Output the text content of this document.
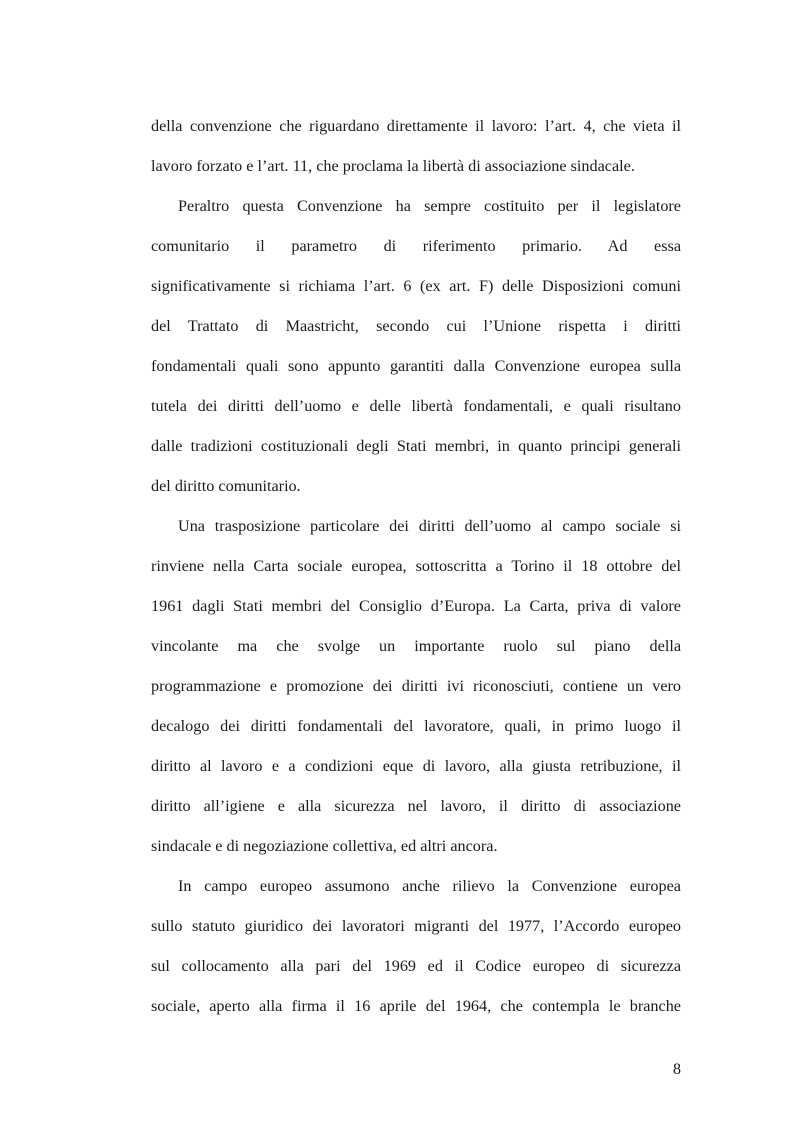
della convenzione che riguardano direttamente il lavoro: l’art. 4, che vieta il
lavoro forzato e l’art. 11, che proclama la libertà di associazione sindacale.
Peraltro questa Convenzione ha sempre costituito per il legislatore
comunitario il parametro di riferimento primario. Ad essa
significativamente si richiama l’art. 6 (ex art. F) delle Disposizioni comuni
del Trattato di Maastricht, secondo cui l’Unione rispetta i diritti
fondamentali quali sono appunto garantiti dalla Convenzione europea sulla
tutela dei diritti dell’uomo e delle libertà fondamentali, e quali risultano
dalle tradizioni costituzionali degli Stati membri, in quanto principi generali
del diritto comunitario.
Una trasposizione particolare dei diritti dell’uomo al campo sociale si
rinviene nella Carta sociale europea, sottoscritta a Torino il 18 ottobre del
1961 dagli Stati membri del Consiglio d’Europa. La Carta, priva di valore
vincolante ma che svolge un importante ruolo sul piano della
programmazione e promozione dei diritti ivi riconosciuti, contiene un vero
decalogo dei diritti fondamentali del lavoratore, quali, in primo luogo il
diritto al lavoro e a condizioni eque di lavoro, alla giusta retribuzione, il
diritto all’igiene e alla sicurezza nel lavoro, il diritto di associazione
sindacale e di negoziazione collettiva, ed altri ancora.
In campo europeo assumono anche rilievo la Convenzione europea
sullo statuto giuridico dei lavoratori migranti del 1977, l’Accordo europeo
sul collocamento alla pari del 1969 ed il Codice europeo di sicurezza
sociale, aperto alla firma il 16 aprile del 1964, che contempla le branche
8
